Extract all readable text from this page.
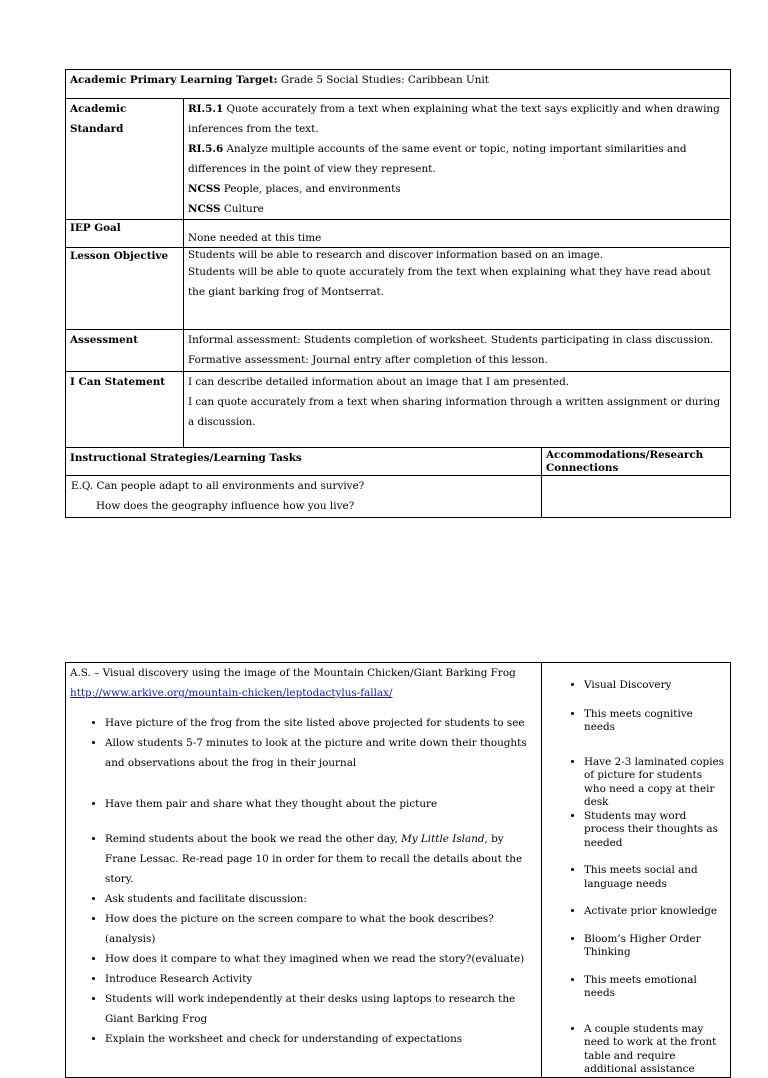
Academic Primary Learning Target: Grade 5 Social Studies: Caribbean Unit		
Academic Standard	RI.5.1 Quote accurately from a text when explaining what the text says explicitly and when drawing inferences from the text.
RI.5.6 Analyze multiple accounts of the same event or topic, noting important similarities and differences in the point of view they represent.
NCSS People, places, and environments
NCSS Culture	

IEP Goal	None needed at this time	

Lesson Objective	Students will be able to research and discover information based on an image.
Students will be able to quote accurately from the text when explaining what they have read about the giant barking frog of Montserrat.	

Assessment	Informal assessment: Students completion of worksheet. Students participating in class discussion.
Formative assessment: Journal entry after completion of this lesson.	

I Can Statement	I can describe detailed information about an image that I am presented.
I can quote accurately from a text when sharing information through a written assignment or during a discussion.	

Instructional Strategies/Learning Tasks		Accommodations/Research Connections

E.Q. Can people adapt to all environments and survive?
How does the geography influence how you live?		

A.S. – Visual discovery using the image of the Mountain Chicken/Giant Barking Frog
http://www.arkive.org/mountain-chicken/leptodactylus-fallax/
• Have picture of the frog from the site listed above projected for students to see
• Allow students 5-7 minutes to look at the picture and write down their thoughts and observations about the frog in their journal
• Have them pair and share what they thought about the picture
• Remind students about the book we read the other day, My Little Island, by Frane Lessac. Re-read page 10 in order for them to recall the details about the story.
• Ask students and facilitate discussion:
• How does the picture on the screen compare to what the book describes?(analysis)
• How does it compare to what they imagined when we read the story?(evaluate)
• Introduce Research Activity
• Students will work independently at their desks using laptops to research the Giant Barking Frog
• Explain the worksheet and check for understanding of expectations

• Visual Discovery
• This meets cognitive needs
• Have 2-3 laminated copies of picture for students who need a copy at their desk
• Students may word process their thoughts as needed
• This meets social and language needs
• Activate prior knowledge
• Bloom’s Higher Order Thinking
• This meets emotional needs
• A couple students may need to work at the front table and require additional assistance
